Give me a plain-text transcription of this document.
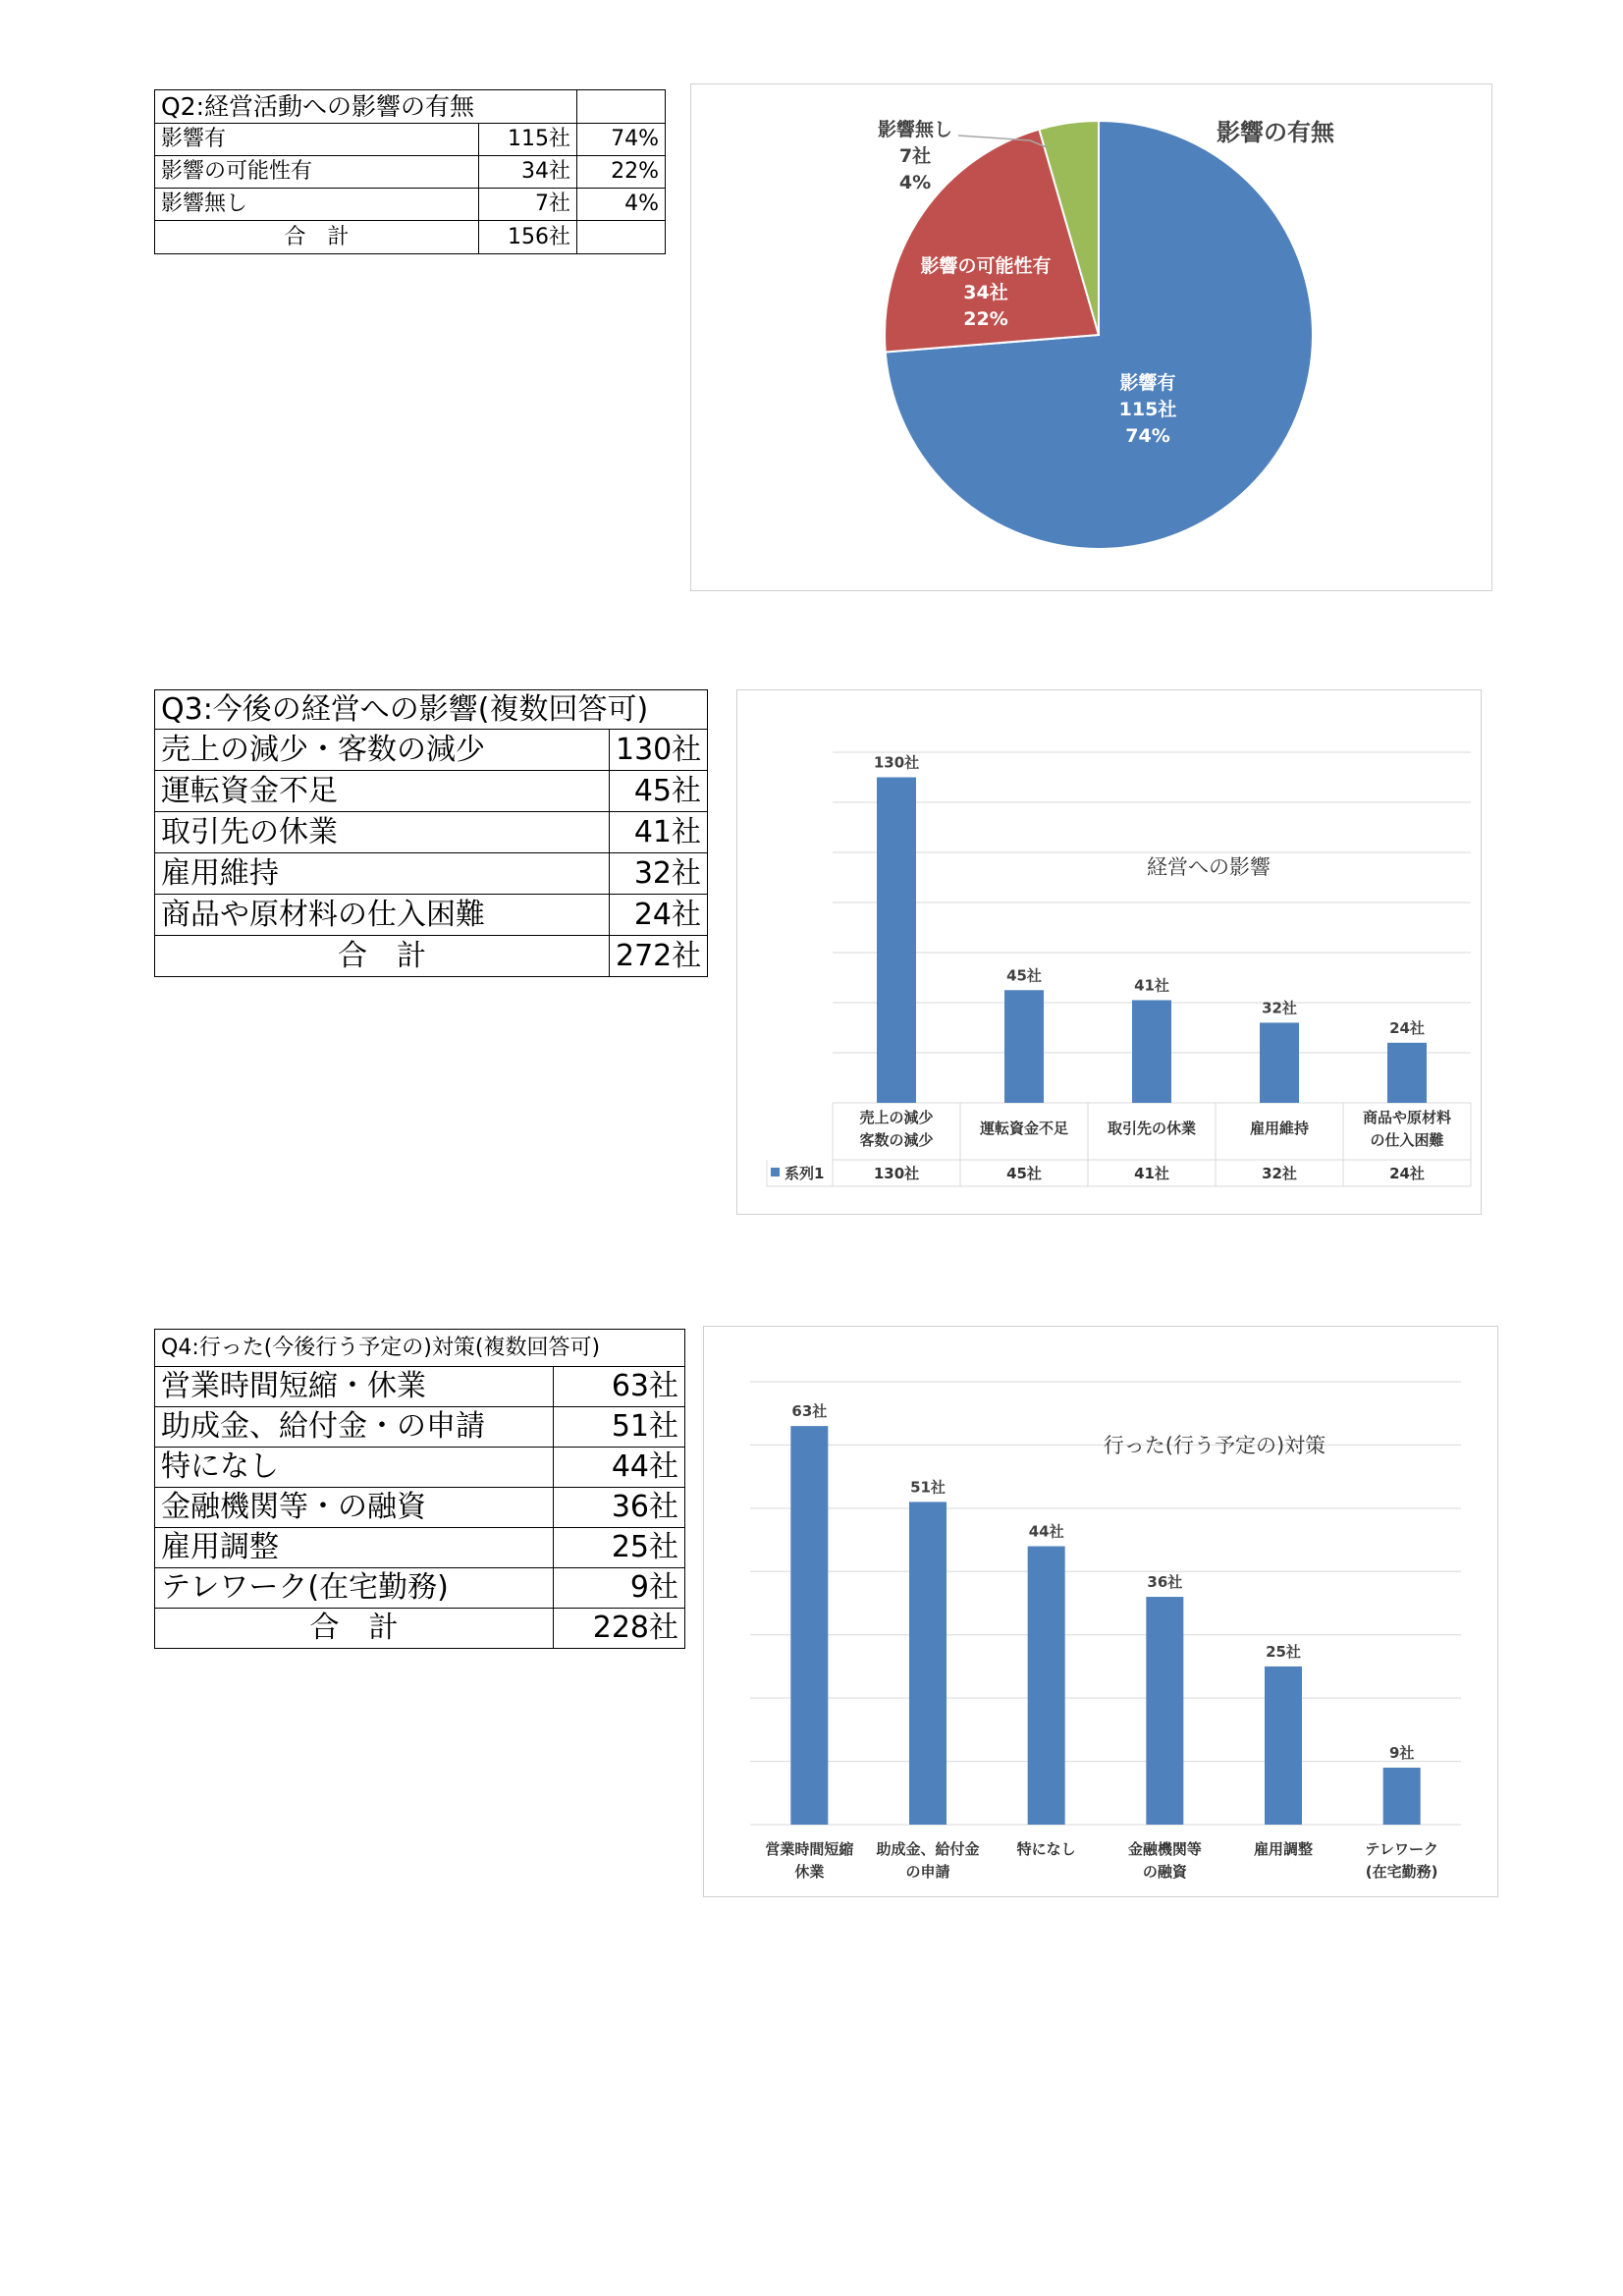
Q2:経営活動への影響の有無		
影響有	115社	74%
影響の可能性有	34社	22%
影響無し	7社	4%
合　計	156社	
影響の有無
影響有
115社
74%
影響の可能性有
34社
22%
影響無し
7社
4%
Q3:今後の経営への影響(複数回答可)	
売上の減少・客数の減少	130社
運転資金不足	45社
取引先の休業	41社
雇用維持	32社
商品や原材料の仕入困難	24社
合　計	272社
経営への影響
130社
売上の減少
客数の減少
45社
運転資金不足
41社
取引先の休業
32社
雇用維持
24社
商品や原材料
の仕入困難
系列1	130社	45社	41社	32社	24社
Q4:行った(今後行う予定の)対策(複数回答可)	
営業時間短縮・休業	63社
助成金、給付金・の申請	51社
特になし	44社
金融機関等・の融資	36社
雇用調整	25社
テレワーク(在宅勤務)	9社
合　計	228社
行った(行う予定の)対策
63社
営業時間短縮
休業
51社
助成金、給付金
の申請
44社
特になし
36社
金融機関等
の融資
25社
雇用調整
9社
テレワーク
(在宅勤務)
